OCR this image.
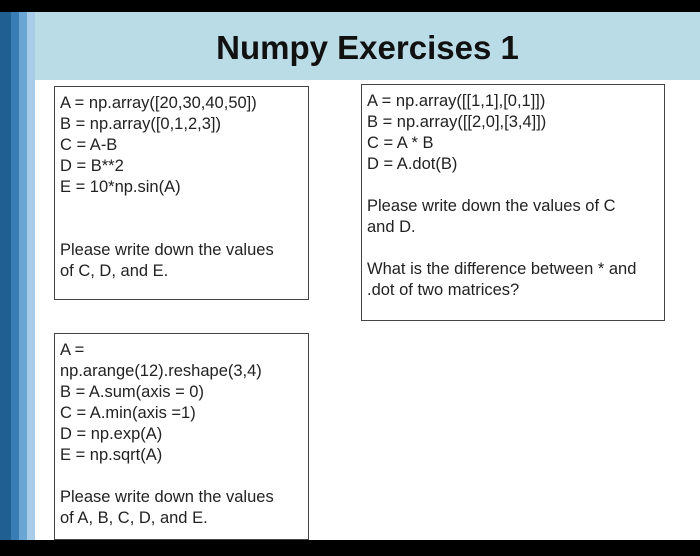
Numpy Exercises 1
A = np.array([20,30,40,50])
B = np.array([0,1,2,3])
C = A-B
D = B**2
E = 10*np.sin(A)
Please write down the values
of C, D, and E.
A = np.array([[1,1],[0,1]])
B = np.array([[2,0],[3,4]])
C = A * B
D = A.dot(B)
Please write down the values of C
and D.
What is the difference between * and
.dot of two matrices?
A =
np.arange(12).reshape(3,4)
B = A.sum(axis = 0)
C = A.min(axis =1)
D = np.exp(A)
E = np.sqrt(A)
Please write down the values
of A, B, C, D, and E.
